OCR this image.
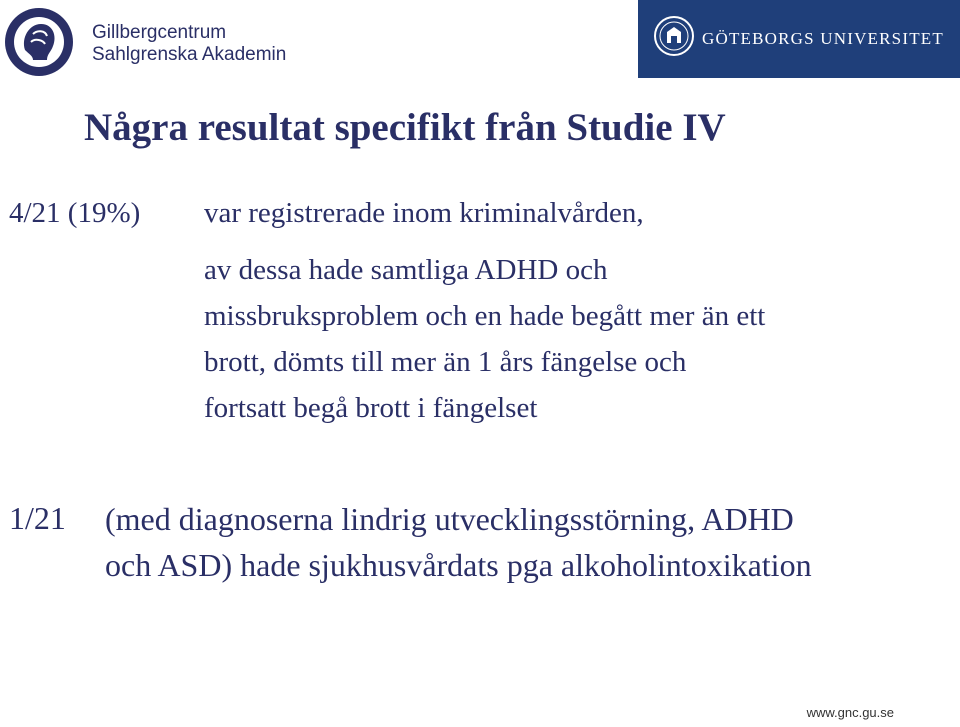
Gillbergcentrum
Sahlgrenska Akademin
GÖTEBORGS UNIVERSITET
Några resultat specifikt från Studie IV

4/21 (19%) var registrerade inom kriminalvården,

av dessa hade samtliga ADHD och
missbruksproblem och en hade begått mer än ett
brott, dömts till mer än 1 års fängelse och
fortsatt begå brott i fängelset

1/21 (med diagnoserna lindrig utvecklingsstörning, ADHD
och ASD) hade sjukhusvårdats pga alkoholintoxikation
www.gnc.gu.se
